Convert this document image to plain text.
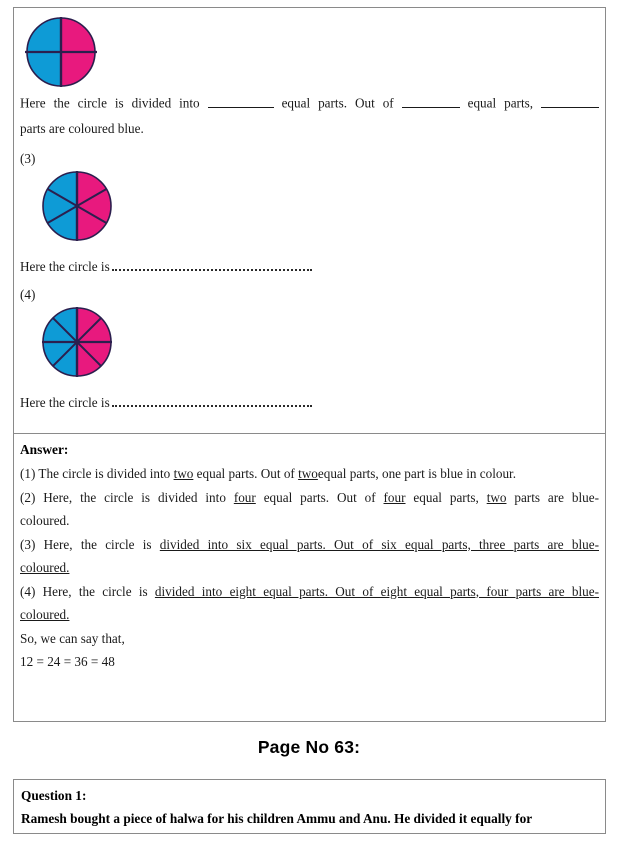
Here the circle is divided into	equal parts. Out of	equal parts,
parts are coloured blue.
(3)
Here the circle is
(4)
Here the circle is
Answer:

(1) The circle is divided into two equal parts. Out of twoequal parts, one part is blue in colour.

(2) Here, the circle is divided into four equal parts. Out of four equal parts, two parts are blue-

coloured.

(3) Here, the circle is divided into six equal parts. Out of six equal parts, three parts are blue-

coloured.

(4) Here, the circle is divided into eight equal parts. Out of eight equal parts, four parts are blue-

coloured.

So, we can say that,

12 = 24 = 36 = 48

Page No 63:
Question 1:
Ramesh bought a piece of halwa for his children Ammu and Anu. He divided it equally for
